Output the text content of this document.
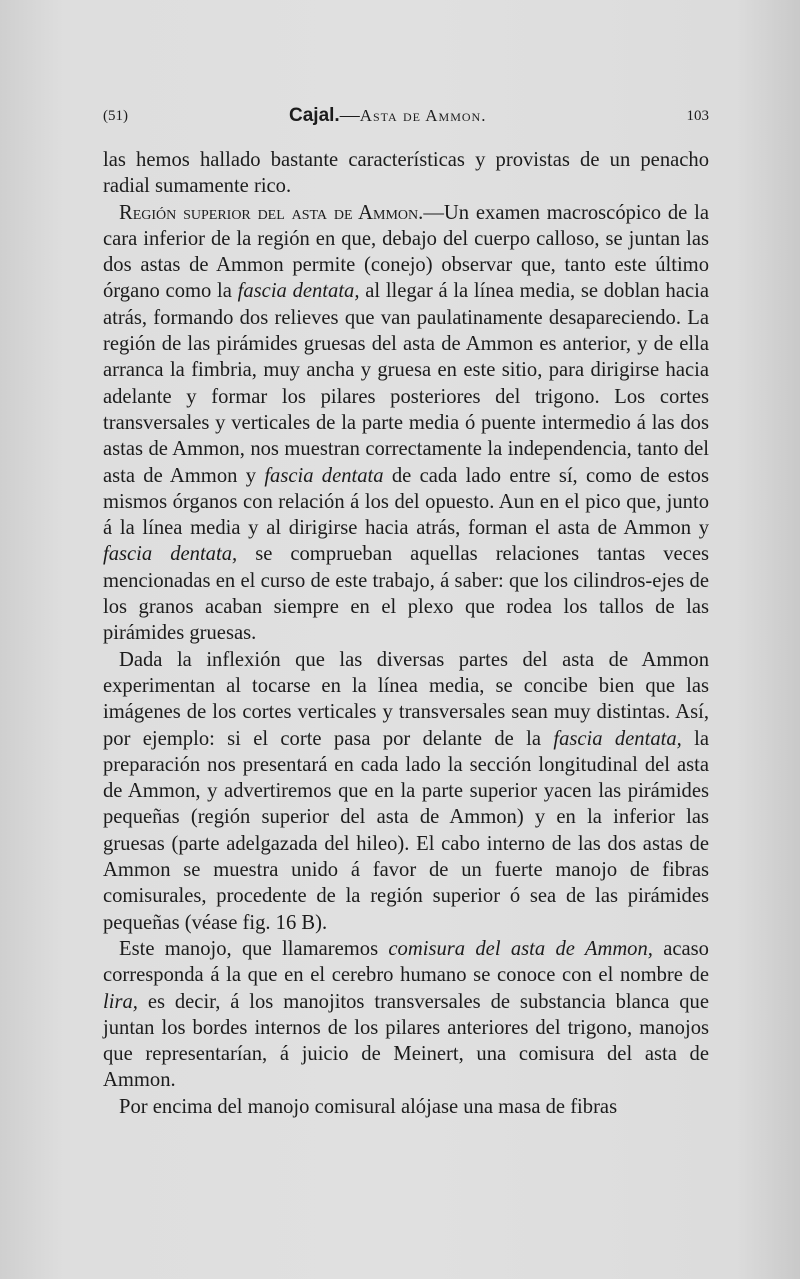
(51)	Cajal.—Asta de Ammon.	103

las hemos hallado bastante características y provistas de un penacho radial sumamente rico.

Región superior del asta de Ammon.—Un examen macroscópico de la cara inferior de la región en que, debajo del cuerpo calloso, se juntan las dos astas de Ammon permite (conejo) observar que, tanto este último órgano como la fascia dentata, al llegar á la línea media, se doblan hacia atrás, formando dos relieves que van paulatinamente desapareciendo. La región de las pirámides gruesas del asta de Ammon es anterior, y de ella arranca la fimbria, muy ancha y gruesa en este sitio, para dirigirse hacia adelante y formar los pilares posteriores del trigono. Los cortes transversales y verticales de la parte media ó puente intermedio á las dos astas de Ammon, nos muestran correctamente la independencia, tanto del asta de Ammon y fascia dentata de cada lado entre sí, como de estos mismos órganos con relación á los del opuesto. Aun en el pico que, junto á la línea media y al dirigirse hacia atrás, forman el asta de Ammon y fascia dentata, se comprueban aquellas relaciones tantas veces mencionadas en el curso de este trabajo, á saber: que los cilindros-ejes de los granos acaban siempre en el plexo que rodea los tallos de las pirámides gruesas.

Dada la inflexión que las diversas partes del asta de Ammon experimentan al tocarse en la línea media, se concibe bien que las imágenes de los cortes verticales y transversales sean muy distintas. Así, por ejemplo: si el corte pasa por delante de la fascia dentata, la preparación nos presentará en cada lado la sección longitudinal del asta de Ammon, y advertiremos que en la parte superior yacen las pirámides pequeñas (región superior del asta de Ammon) y en la inferior las gruesas (parte adelgazada del hileo). El cabo interno de las dos astas de Ammon se muestra unido á favor de un fuerte manojo de fibras comisurales, procedente de la región superior ó sea de las pirámides pequeñas (véase fig. 16 B).

Este manojo, que llamaremos comisura del asta de Ammon, acaso corresponda á la que en el cerebro humano se conoce con el nombre de lira, es decir, á los manojitos transversales de substancia blanca que juntan los bordes internos de los pilares anteriores del trigono, manojos que representarían, á juicio de Meinert, una comisura del asta de Ammon.

Por encima del manojo comisural alójase una masa de fibras
